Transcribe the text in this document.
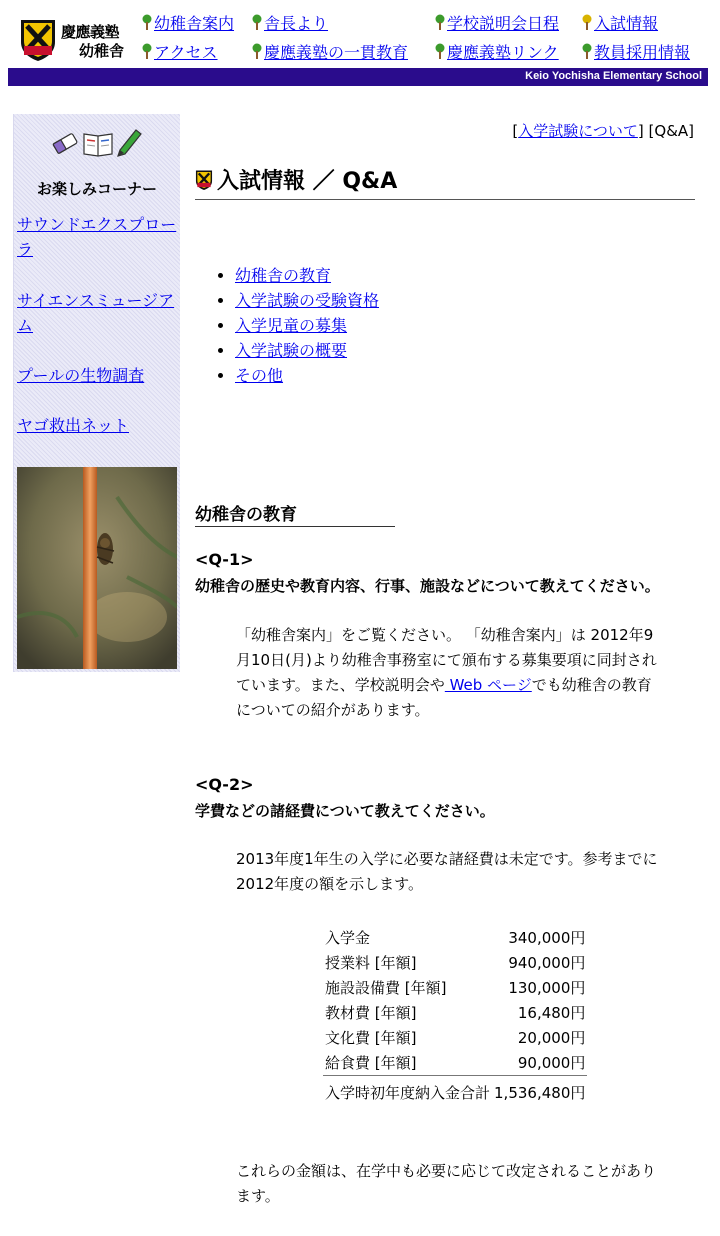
慶應義塾
幼稚舎
幼稚舎案内	舎長より	学校説明会日程	入試情報
アクセス	慶應義塾の一貫教育	慶應義塾リンク	教員採用情報
Keio Yochisha Elementary School
お楽しみコーナー
サウンドエクスプローラ
サイエンスミュージアム
プールの生物調査
ヤゴ救出ネット
[入学試験について] [Q&A]
入試情報 ／ Q&A
• 幼稚舎の教育
• 入学試験の受験資格
• 入学児童の募集
• 入学試験の概要
• その他
幼稚舎の教育
<Q-1>
幼稚舎の歴史や教育内容、行事、施設などについて教えてください。
「幼稚舎案内」をご覧ください。 「幼稚舎案内」は 2012年9
月10日(月)より幼稚舎事務室にて頒布する募集要項に同封され
ています。また、学校説明会や Web ページでも幼稚舎の教育
についての紹介があります。
<Q-2>
学費などの諸経費について教えてください。
2013年度1年生の入学に必要な諸経費は未定です。参考までに
2012年度の額を示します。
入学金	340,000円
授業料 [年額]	940,000円
施設設備費 [年額]	130,000円
教材費 [年額]	16,480円
文化費 [年額]	20,000円
給食費 [年額]	90,000円
入学時初年度納入金合計	1,536,480円
これらの金額は、在学中も必要に応じて改定されることがあり
ます。
